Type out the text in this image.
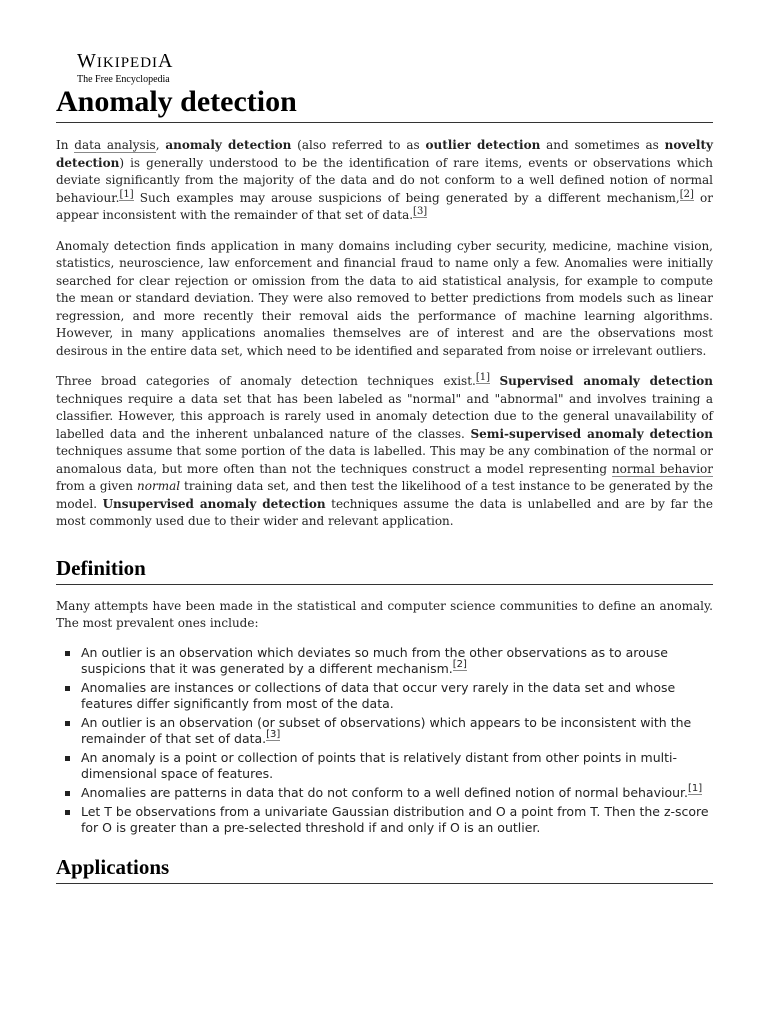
WIKIPEDIA
The Free Encyclopedia
Anomaly detection

In data analysis, anomaly detection (also referred to as outlier detection and sometimes as novelty detection) is generally understood to be the identification of rare items, events or observations which deviate significantly from the majority of the data and do not conform to a well defined notion of normal behaviour.[1] Such examples may arouse suspicions of being generated by a different mechanism,[2] or appear inconsistent with the remainder of that set of data.[3]

Anomaly detection finds application in many domains including cyber security, medicine, machine vision, statistics, neuroscience, law enforcement and financial fraud to name only a few. Anomalies were initially searched for clear rejection or omission from the data to aid statistical analysis, for example to compute the mean or standard deviation. They were also removed to better predictions from models such as linear regression, and more recently their removal aids the performance of machine learning algorithms. However, in many applications anomalies themselves are of interest and are the observations most desirous in the entire data set, which need to be identified and separated from noise or irrelevant outliers.

Three broad categories of anomaly detection techniques exist.[1] Supervised anomaly detection techniques require a data set that has been labeled as "normal" and "abnormal" and involves training a classifier. However, this approach is rarely used in anomaly detection due to the general unavailability of labelled data and the inherent unbalanced nature of the classes. Semi-supervised anomaly detection techniques assume that some portion of the data is labelled. This may be any combination of the normal or anomalous data, but more often than not the techniques construct a model representing normal behavior from a given normal training data set, and then test the likelihood of a test instance to be generated by the model. Unsupervised anomaly detection techniques assume the data is unlabelled and are by far the most commonly used due to their wider and relevant application.

Definition

Many attempts have been made in the statistical and computer science communities to define an anomaly. The most prevalent ones include:

An outlier is an observation which deviates so much from the other observations as to arouse suspicions that it was generated by a different mechanism.[2]
Anomalies are instances or collections of data that occur very rarely in the data set and whose features differ significantly from most of the data.
An outlier is an observation (or subset of observations) which appears to be inconsistent with the remainder of that set of data.[3]
An anomaly is a point or collection of points that is relatively distant from other points in multi-dimensional space of features.
Anomalies are patterns in data that do not conform to a well defined notion of normal behaviour.[1]
Let T be observations from a univariate Gaussian distribution and O a point from T. Then the z-score for O is greater than a pre-selected threshold if and only if O is an outlier.
Applications
